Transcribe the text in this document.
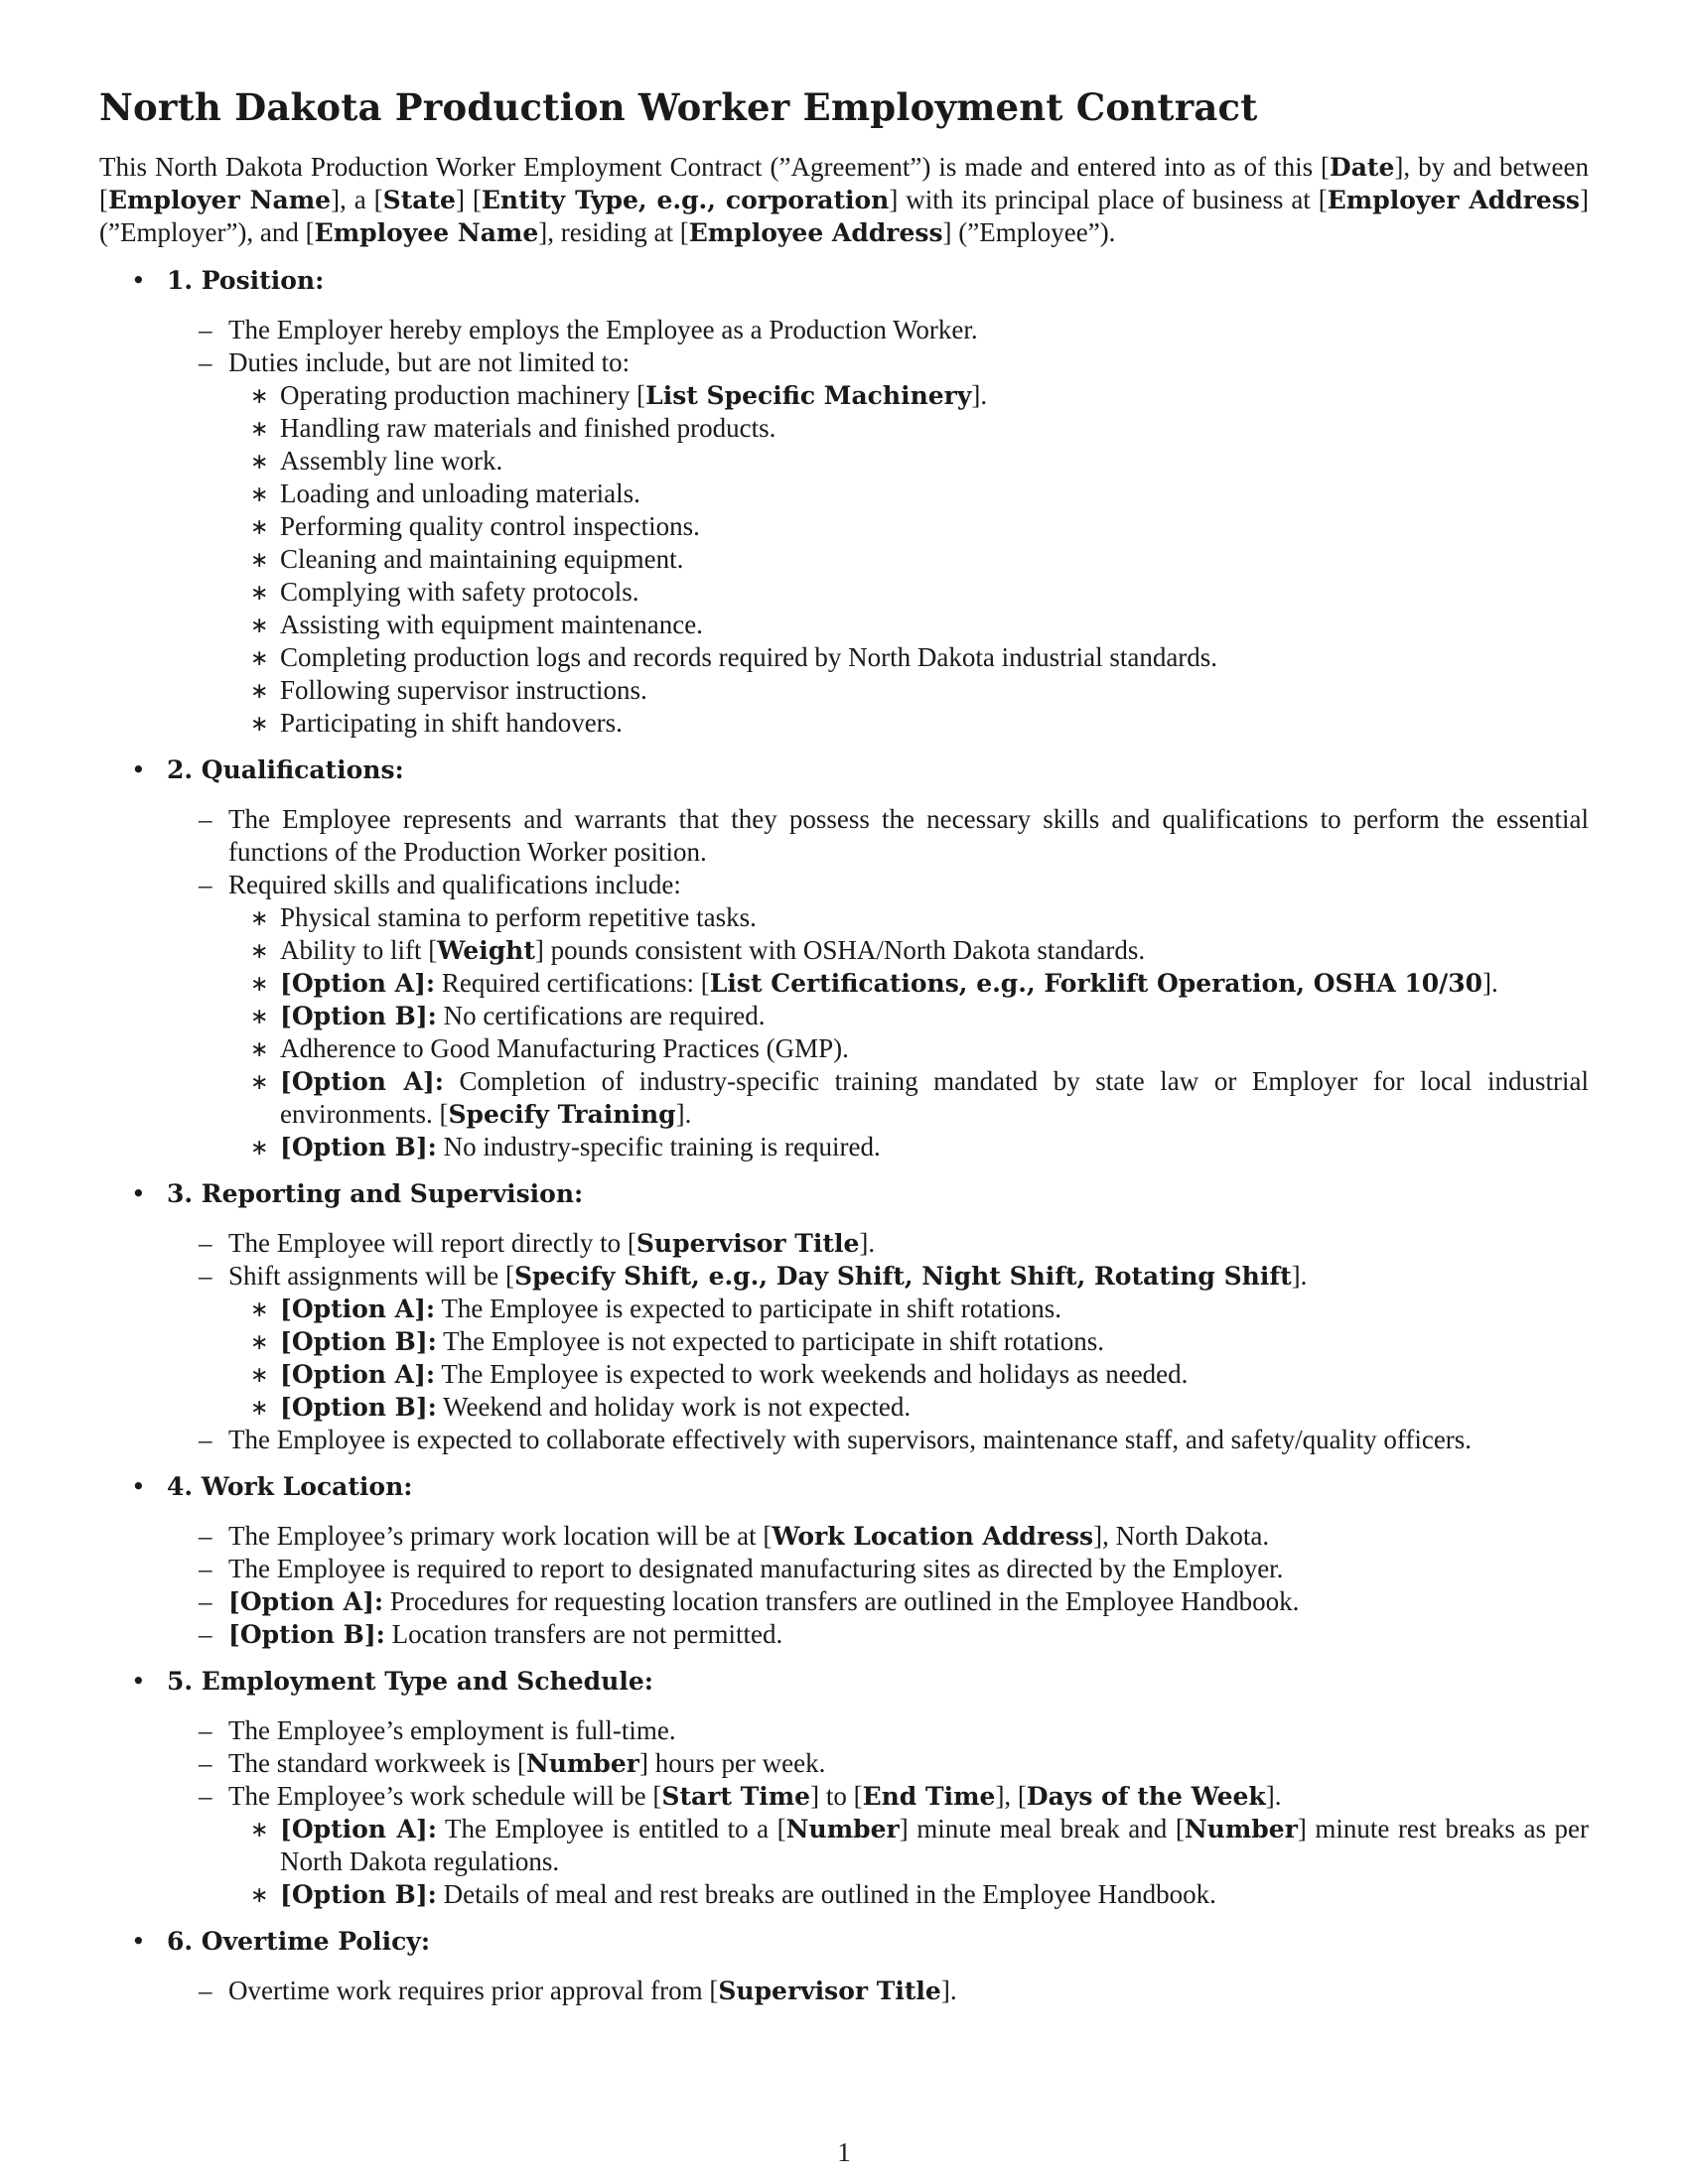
North Dakota Production Worker Employment Contract

This North Dakota Production Worker Employment Contract (”Agreement”) is made and entered into as of this [Date], by and between [Employer Name], a [State] [Entity Type, e.g., corporation] with its principal place of business at [Employer Address] (”Employer”), and [Employee Name], residing at [Employee Address] (”Employee”).

• 1. Position:
– The Employer hereby employs the Employee as a Production Worker.
– Duties include, but are not limited to:
∗ Operating production machinery [List Specific Machinery].
∗ Handling raw materials and finished products.
∗ Assembly line work.
∗ Loading and unloading materials.
∗ Performing quality control inspections.
∗ Cleaning and maintaining equipment.
∗ Complying with safety protocols.
∗ Assisting with equipment maintenance.
∗ Completing production logs and records required by North Dakota industrial standards.
∗ Following supervisor instructions.
∗ Participating in shift handovers.
• 2. Qualifications:
– The Employee represents and warrants that they possess the necessary skills and qualifications to perform the essential functions of the Production Worker position.
– Required skills and qualifications include:
∗ Physical stamina to perform repetitive tasks.
∗ Ability to lift [Weight] pounds consistent with OSHA/North Dakota standards.
∗ [Option A]: Required certifications: [List Certifications, e.g., Forklift Operation, OSHA 10/30].
∗ [Option B]: No certifications are required.
∗ Adherence to Good Manufacturing Practices (GMP).
∗ [Option A]: Completion of industry-specific training mandated by state law or Employer for local industrial environments. [Specify Training].
∗ [Option B]: No industry-specific training is required.
• 3. Reporting and Supervision:
– The Employee will report directly to [Supervisor Title].
– Shift assignments will be [Specify Shift, e.g., Day Shift, Night Shift, Rotating Shift].
∗ [Option A]: The Employee is expected to participate in shift rotations.
∗ [Option B]: The Employee is not expected to participate in shift rotations.
∗ [Option A]: The Employee is expected to work weekends and holidays as needed.
∗ [Option B]: Weekend and holiday work is not expected.
– The Employee is expected to collaborate effectively with supervisors, maintenance staff, and safety/quality officers.
• 4. Work Location:
– The Employee’s primary work location will be at [Work Location Address], North Dakota.
– The Employee is required to report to designated manufacturing sites as directed by the Employer.
– [Option A]: Procedures for requesting location transfers are outlined in the Employee Handbook.
– [Option B]: Location transfers are not permitted.
• 5. Employment Type and Schedule:
– The Employee’s employment is full-time.
– The standard workweek is [Number] hours per week.
– The Employee’s work schedule will be [Start Time] to [End Time], [Days of the Week].
∗ [Option A]: The Employee is entitled to a [Number] minute meal break and [Number] minute rest breaks as per North Dakota regulations.
∗ [Option B]: Details of meal and rest breaks are outlined in the Employee Handbook.
• 6. Overtime Policy:
– Overtime work requires prior approval from [Supervisor Title].
1
